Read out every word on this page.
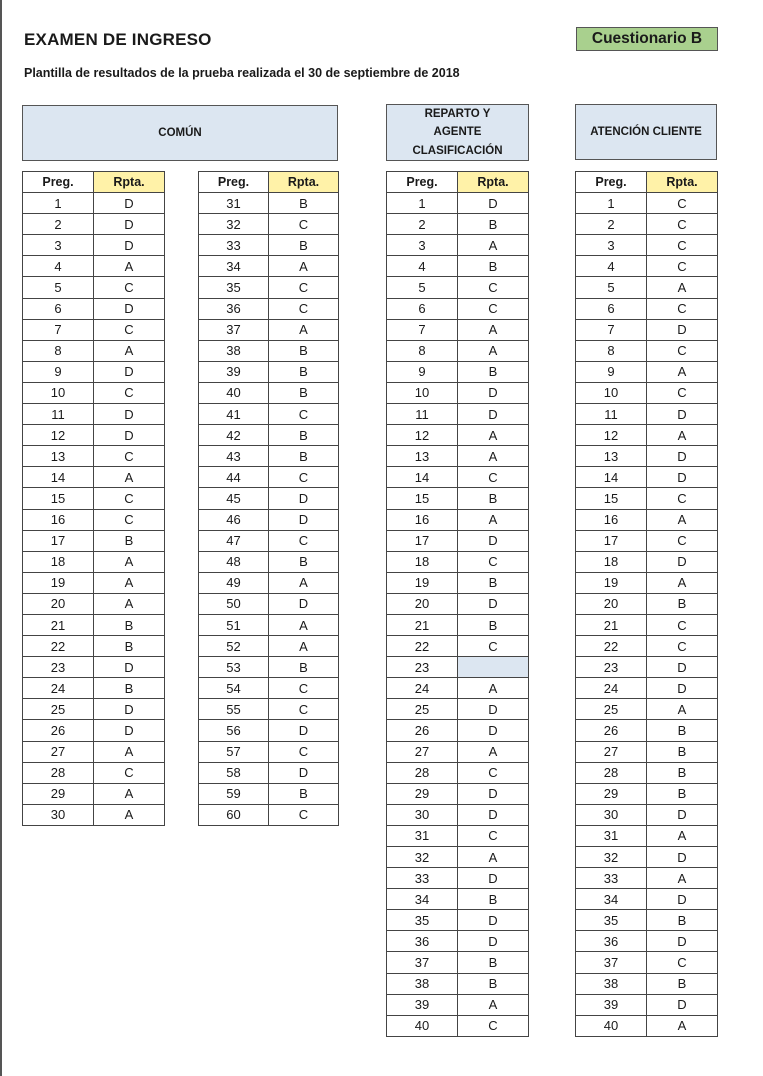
EXAMEN DE INGRESO
Plantilla de resultados de la prueba realizada el 30 de septiembre de 2018
Cuestionario B
COMÚN
REPARTO Y
AGENTE
CLASIFICACIÓN
ATENCIÓN CLIENTE
Preg.	Rpta.
1	D
2	D
3	D
4	A
5	C
6	D
7	C
8	A
9	D
10	C
11	D
12	D
13	C
14	A
15	C
16	C
17	B
18	A
19	A
20	A
21	B
22	B
23	D
24	B
25	D
26	D
27	A
28	C
29	A
30	A
Preg.	Rpta.
31	B
32	C
33	B
34	A
35	C
36	C
37	A
38	B
39	B
40	B
41	C
42	B
43	B
44	C
45	D
46	D
47	C
48	B
49	A
50	D
51	A
52	A
53	B
54	C
55	C
56	D
57	C
58	D
59	B
60	C
Preg.	Rpta.
1	D
2	B
3	A
4	B
5	C
6	C
7	A
8	A
9	B
10	D
11	D
12	A
13	A
14	C
15	B
16	A
17	D
18	C
19	B
20	D
21	B
22	C
23	
24	A
25	D
26	D
27	A
28	C
29	D
30	D
31	C
32	A
33	D
34	B
35	D
36	D
37	B
38	B
39	A
40	C
Preg.	Rpta.
1	C
2	C
3	C
4	C
5	A
6	C
7	D
8	C
9	A
10	C
11	D
12	A
13	D
14	D
15	C
16	A
17	C
18	D
19	A
20	B
21	C
22	C
23	D
24	D
25	A
26	B
27	B
28	B
29	B
30	D
31	A
32	D
33	A
34	D
35	B
36	D
37	C
38	B
39	D
40	A
